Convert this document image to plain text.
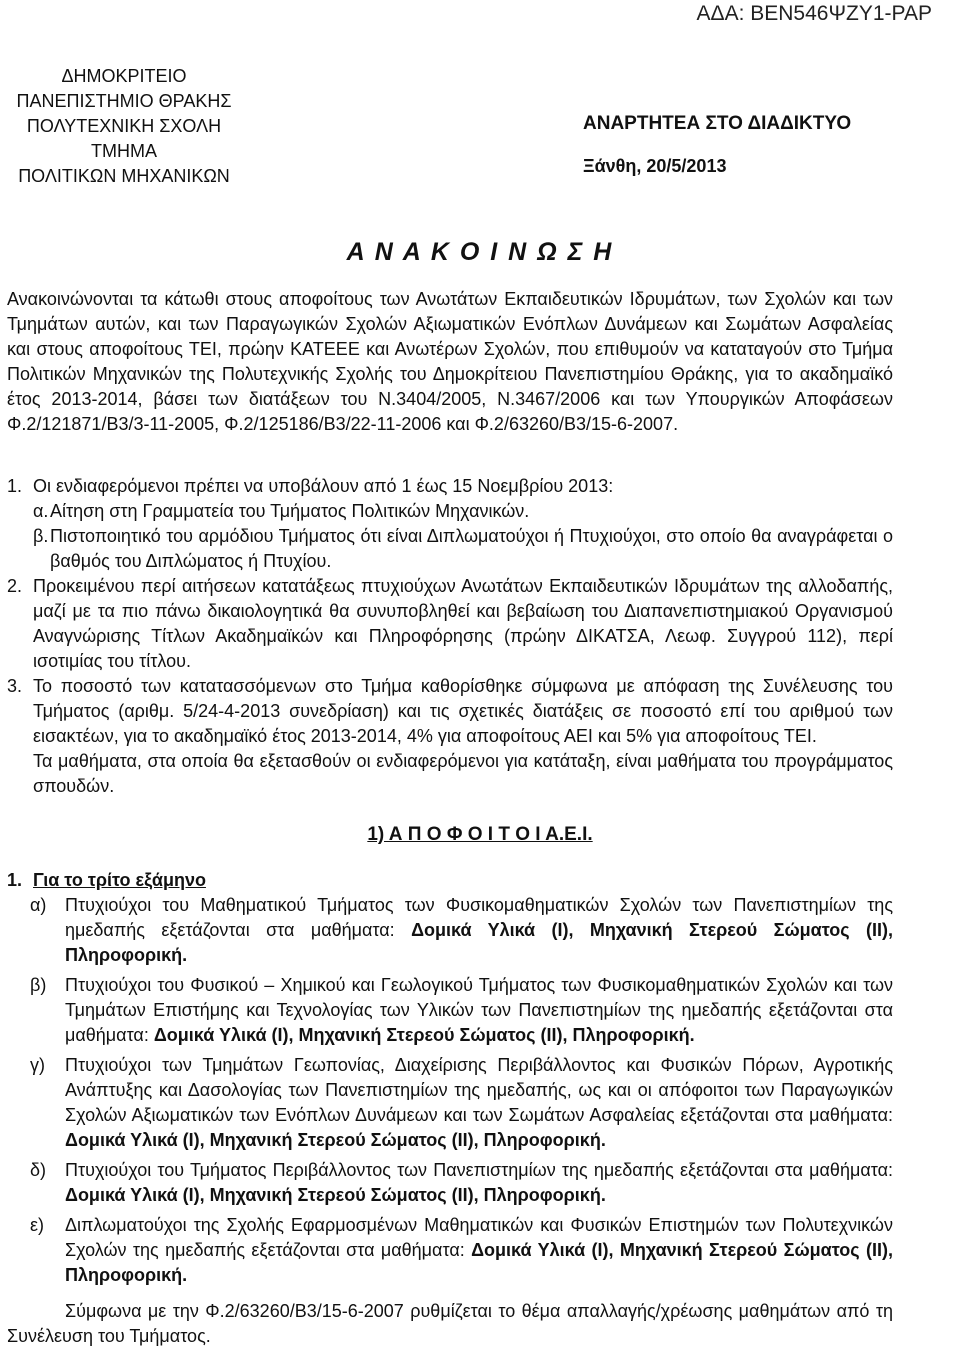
ΑΔΑ: ΒΕΝ546ΨΖΥ1-ΡΑΡ
ΔΗΜΟΚΡΙΤΕΙΟ
ΠΑΝΕΠΙΣΤΗΜΙΟ ΘΡΑΚΗΣ
ΠΟΛΥΤΕΧΝΙΚΗ ΣΧΟΛΗ
ΤΜΗΜΑ
ΠΟΛΙΤΙΚΩΝ ΜΗΧΑΝΙΚΩΝ
ΑΝΑΡΤΗΤΕΑ ΣΤΟ ΔΙΑΔΙΚΤΥΟ
Ξάνθη, 20/5/2013
Α Ν Α Κ Ο Ι Ν Ω Σ Η

Ανακοινώνονται τα κάτωθι στους αποφοίτους των Ανωτάτων Εκπαιδευτικών Ιδρυμάτων, των Σχολών και των Τμημάτων αυτών, και των Παραγωγικών Σχολών Αξιωματικών Ενόπλων Δυνάμεων και Σωμάτων Ασφαλείας και στους αποφοίτους ΤΕΙ, πρώην ΚΑΤΕΕΕ και Ανωτέρων Σχολών, που επιθυμούν να καταταγούν στο Τμήμα Πολιτικών Μηχανικών της Πολυτεχνικής Σχολής του Δημοκρίτειου Πανεπιστημίου Θράκης, για το ακαδημαϊκό έτος 2013-2014, βάσει των διατάξεων του Ν.3404/2005, Ν.3467/2006 και των Υπουργικών Αποφάσεων Φ.2/121871/Β3/3-11-2005, Φ.2/125186/Β3/22-11-2006 και Φ.2/63260/Β3/15-6-2007.

1. Οι ενδιαφερόμενοι πρέπει να υποβάλουν από 1 έως 15 Νοεμβρίου 2013:
α. Αίτηση στη Γραμματεία του Τμήματος Πολιτικών Μηχανικών.
β. Πιστοποιητικό του αρμόδιου Τμήματος ότι είναι Διπλωματούχοι ή Πτυχιούχοι, στο οποίο θα αναγράφεται ο βαθμός του Διπλώματος ή Πτυχίου.
2. Προκειμένου περί αιτήσεων κατατάξεως πτυχιούχων Ανωτάτων Εκπαιδευτικών Ιδρυμάτων της αλλοδαπής, μαζί με τα πιο πάνω δικαιολογητικά θα συνυποβληθεί και βεβαίωση του Διαπανεπιστημιακού Οργανισμού Αναγνώρισης Τίτλων Ακαδημαϊκών και Πληροφόρησης (πρώην ΔΙΚΑΤΣΑ, Λεωφ. Συγγρού 112), περί ισοτιμίας του τίτλου.
3. Το ποσοστό των κατατασσόμενων στο Τμήμα καθορίσθηκε σύμφωνα με απόφαση της Συνέλευσης του Τμήματος (αριθμ. 5/24-4-2013 συνεδρίαση) και τις σχετικές διατάξεις σε ποσοστό επί του αριθμού των εισακτέων, για το ακαδημαϊκό έτος 2013-2014, 4% για αποφοίτους ΑΕΙ και 5% για αποφοίτους ΤΕΙ.
Τα μαθήματα, στα οποία θα εξετασθούν οι ενδιαφερόμενοι για κατάταξη, είναι μαθήματα του προγράμματος σπουδών.
1) Α Π Ο Φ Ο Ι Τ Ο Ι Α.Ε.Ι.
1. Για το τρίτο εξάμηνο
α)	Πτυχιούχοι του Μαθηματικού Τμήματος των Φυσικομαθηματικών Σχολών των Πανεπιστημίων της ημεδαπής εξετάζονται στα μαθήματα: Δομικά Υλικά (Ι), Μηχανική Στερεού Σώματος (ΙΙ), Πληροφορική.
β)	Πτυχιούχοι του Φυσικού – Χημικού και Γεωλογικού Τμήματος των Φυσικομαθηματικών Σχολών και των Τμημάτων Επιστήμης και Τεχνολογίας των Υλικών των Πανεπιστημίων της ημεδαπής εξετάζονται στα μαθήματα: Δομικά Υλικά (Ι), Μηχανική Στερεού Σώματος (ΙΙ), Πληροφορική.
γ)	Πτυχιούχοι των Τμημάτων Γεωπονίας, Διαχείρισης Περιβάλλοντος και Φυσικών Πόρων, Αγροτικής Ανάπτυξης και Δασολογίας των Πανεπιστημίων της ημεδαπής, ως και οι απόφοιτοι των Παραγωγικών Σχολών Αξιωματικών των Ενόπλων Δυνάμεων και των Σωμάτων Ασφαλείας εξετάζονται στα μαθήματα: Δομικά Υλικά (Ι), Μηχανική Στερεού Σώματος (ΙΙ), Πληροφορική.
δ)	Πτυχιούχοι του Τμήματος Περιβάλλοντος των Πανεπιστημίων της ημεδαπής εξετάζονται στα μαθήματα: Δομικά Υλικά (Ι), Μηχανική Στερεού Σώματος (ΙΙ), Πληροφορική.
ε)	Διπλωματούχοι της Σχολής Εφαρμοσμένων Μαθηματικών και Φυσικών Επιστημών των Πολυτεχνικών Σχολών της ημεδαπής εξετάζονται στα μαθήματα: Δομικά Υλικά (Ι), Μηχανική Στερεού Σώματος (ΙΙ), Πληροφορική.

Σύμφωνα με την Φ.2/63260/Β3/15-6-2007 ρυθμίζεται το θέμα απαλλαγής/χρέωσης μαθημάτων από τη Συνέλευση του Τμήματος.
